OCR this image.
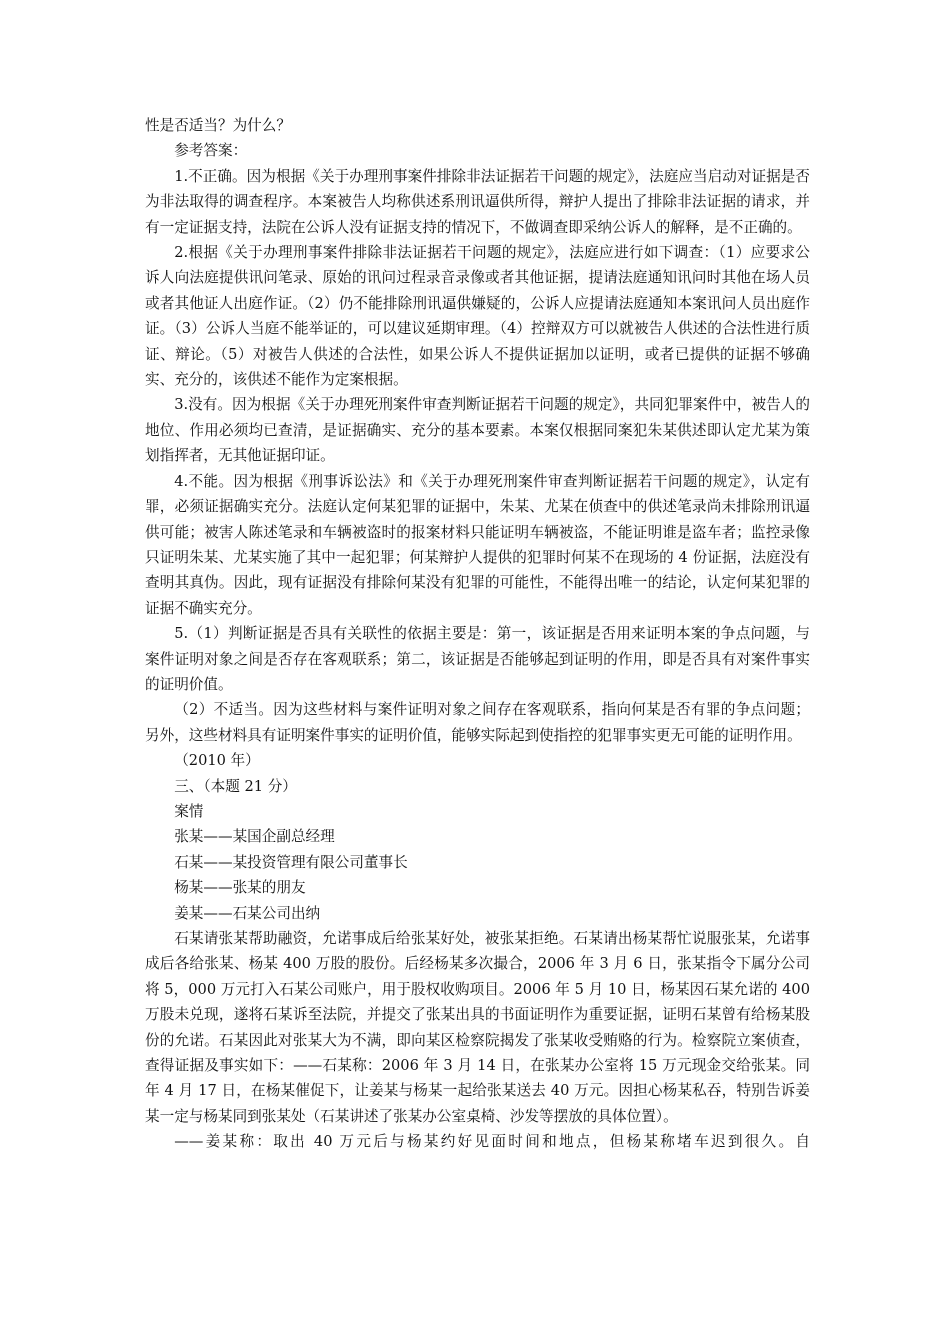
性是否适当？为什么？

参考答案：

1.不正确。因为根据《关于办理刑事案件排除非法证据若干问题的规定》，法庭应当启动对证据是否为非法取得的调查程序。本案被告人均称供述系刑讯逼供所得，辩护人提出了排除非法证据的请求，并有一定证据支持，法院在公诉人没有证据支持的情况下，不做调查即采纳公诉人的解释，是不正确的。

2.根据《关于办理刑事案件排除非法证据若干问题的规定》，法庭应进行如下调查：（1）应要求公诉人向法庭提供讯问笔录、原始的讯问过程录音录像或者其他证据，提请法庭通知讯问时其他在场人员或者其他证人出庭作证。（2）仍不能排除刑讯逼供嫌疑的，公诉人应提请法庭通知本案讯问人员出庭作证。（3）公诉人当庭不能举证的，可以建议延期审理。（4）控辩双方可以就被告人供述的合法性进行质证、辩论。（5）对被告人供述的合法性，如果公诉人不提供证据加以证明，或者已提供的证据不够确实、充分的，该供述不能作为定案根据。

3.没有。因为根据《关于办理死刑案件审查判断证据若干问题的规定》，共同犯罪案件中，被告人的地位、作用必须均已查清，是证据确实、充分的基本要素。本案仅根据同案犯朱某供述即认定尤某为策划指挥者，无其他证据印证。

4.不能。因为根据《刑事诉讼法》和《关于办理死刑案件审查判断证据若干问题的规定》，认定有罪，必须证据确实充分。法庭认定何某犯罪的证据中，朱某、尤某在侦查中的供述笔录尚未排除刑讯逼供可能；被害人陈述笔录和车辆被盗时的报案材料只能证明车辆被盗，不能证明谁是盗车者；监控录像只证明朱某、尤某实施了其中一起犯罪；何某辩护人提供的犯罪时何某不在现场的 4 份证据，法庭没有查明其真伪。因此，现有证据没有排除何某没有犯罪的可能性，不能得出唯一的结论，认定何某犯罪的证据不确实充分。

5.（1）判断证据是否具有关联性的依据主要是：第一，该证据是否用来证明本案的争点问题，与案件证明对象之间是否存在客观联系；第二，该证据是否能够起到证明的作用，即是否具有对案件事实的证明价值。

（2）不适当。因为这些材料与案件证明对象之间存在客观联系，指向何某是否有罪的争点问题；另外，这些材料具有证明案件事实的证明价值，能够实际起到使指控的犯罪事实更无可能的证明作用。

（2010 年）

三、（本题 21 分）

案情

张某——某国企副总经理

石某——某投资管理有限公司董事长

杨某——张某的朋友

姜某——石某公司出纳

石某请张某帮助融资，允诺事成后给张某好处，被张某拒绝。石某请出杨某帮忙说服张某，允诺事成后各给张某、杨某 400 万股的股份。后经杨某多次撮合，2006 年 3 月 6 日，张某指令下属分公司将 5，000 万元打入石某公司账户，用于股权收购项目。2006 年 5 月 10 日，杨某因石某允诺的 400 万股未兑现，遂将石某诉至法院，并提交了张某出具的书面证明作为重要证据，证明石某曾有给杨某股份的允诺。石某因此对张某大为不满，即向某区检察院揭发了张某收受贿赂的行为。检察院立案侦查，查得证据及事实如下：——石某称：2006 年 3 月 14 日，在张某办公室将 15 万元现金交给张某。同年 4 月 17 日，在杨某催促下，让姜某与杨某一起给张某送去 40 万元。因担心杨某私吞，特别告诉姜某一定与杨某同到张某处（石某讲述了张某办公室桌椅、沙发等摆放的具体位置）。

——姜某称：取出 40 万元后与杨某约好见面时间和地点，但杨某称堵车迟到很久。自
